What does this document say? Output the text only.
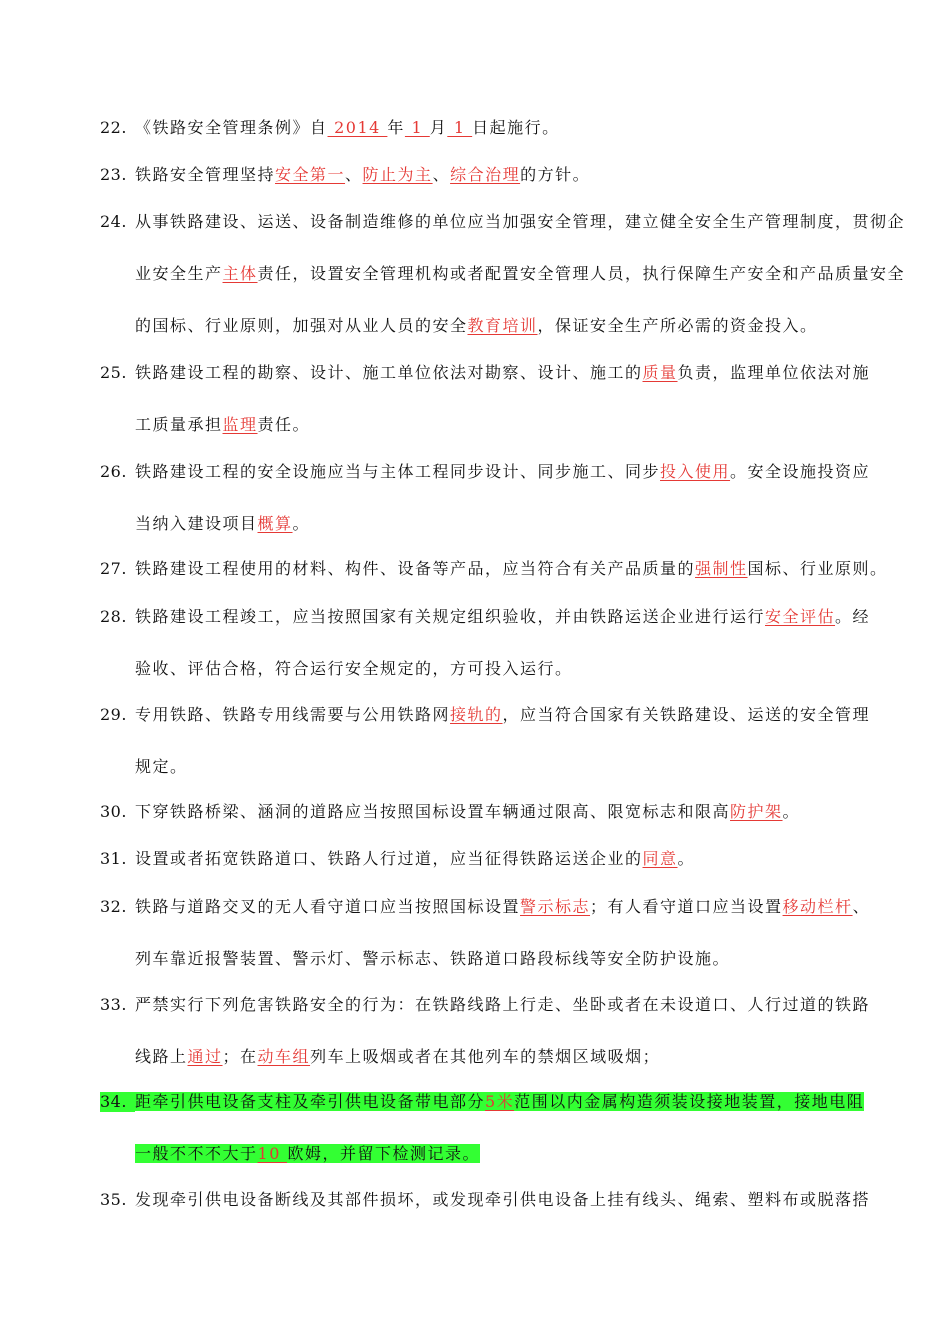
22. 《铁路安全管理条例》自 2014 年 1 月 1 日起施行。
23. 铁路安全管理坚持安全第一、防止为主、综合治理的方针。
24. 从事铁路建设、运送、设备制造维修的单位应当加强安全管理，建立健全安全生产管理制度，贯彻企
业安全生产主体责任，设置安全管理机构或者配置安全管理人员，执行保障生产安全和产品质量安全
的国标、行业原则，加强对从业人员的安全教育培训，保证安全生产所必需的资金投入。
25. 铁路建设工程的勘察、设计、施工单位依法对勘察、设计、施工的质量负责，监理单位依法对施
工质量承担监理责任。
26. 铁路建设工程的安全设施应当与主体工程同步设计、同步施工、同步投入使用。安全设施投资应
当纳入建设项目概算。
27. 铁路建设工程使用的材料、构件、设备等产品，应当符合有关产品质量的强制性国标、行业原则。
28. 铁路建设工程竣工，应当按照国家有关规定组织验收，并由铁路运送企业进行运行安全评估。经
验收、评估合格，符合运行安全规定的，方可投入运行。
29. 专用铁路、铁路专用线需要与公用铁路网接轨的，应当符合国家有关铁路建设、运送的安全管理
规定。
30. 下穿铁路桥梁、涵洞的道路应当按照国标设置车辆通过限高、限宽标志和限高防护架。
31. 设置或者拓宽铁路道口、铁路人行过道，应当征得铁路运送企业的同意。
32. 铁路与道路交叉的无人看守道口应当按照国标设置警示标志；有人看守道口应当设置移动栏杆、
列车靠近报警装置、警示灯、警示标志、铁路道口路段标线等安全防护设施。
33. 严禁实行下列危害铁路安全的行为：在铁路线路上行走、坐卧或者在未设道口、人行过道的铁路
线路上通过；在动车组列车上吸烟或者在其他列车的禁烟区域吸烟；
34. 距牵引供电设备支柱及牵引供电设备带电部分5米范围以内金属构造须装设接地装置，接地电阻
一般不不不大于10 欧姆，并留下检测记录。
35. 发现牵引供电设备断线及其部件损坏，或发现牵引供电设备上挂有线头、绳索、塑料布或脱落搭
